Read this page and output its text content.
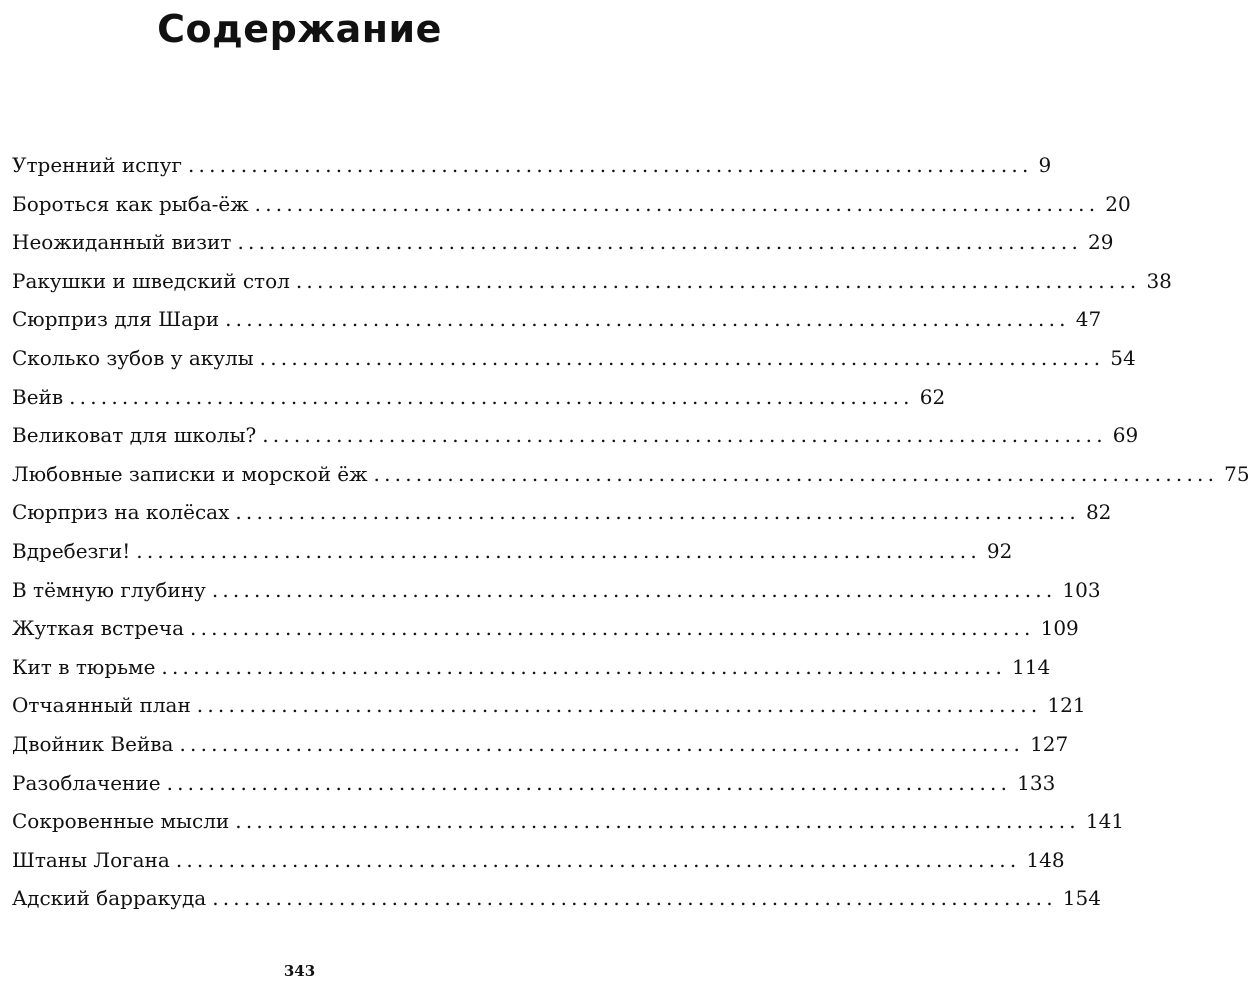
Содержание
Утренний испуг ................................................................................ 9
Бороться как рыба-ёж ................................................................................ 20
Неожиданный визит ................................................................................ 29
Ракушки и шведский стол ................................................................................ 38
Сюрприз для Шари ................................................................................ 47
Сколько зубов у акулы ................................................................................ 54
Вейв ................................................................................ 62
Великоват для школы? ................................................................................ 69
Любовные записки и морской ёж ................................................................................ 75
Сюрприз на колёсах ................................................................................ 82
Вдребезги! ................................................................................ 92
В тёмную глубину ................................................................................ 103
Жуткая встреча ................................................................................ 109
Кит в тюрьме ................................................................................ 114
Отчаянный план ................................................................................ 121
Двойник Вейва ................................................................................ 127
Разоблачение ................................................................................ 133
Сокровенные мысли ................................................................................ 141
Штаны Логана ................................................................................ 148
Адский барракуда ................................................................................ 154
343
